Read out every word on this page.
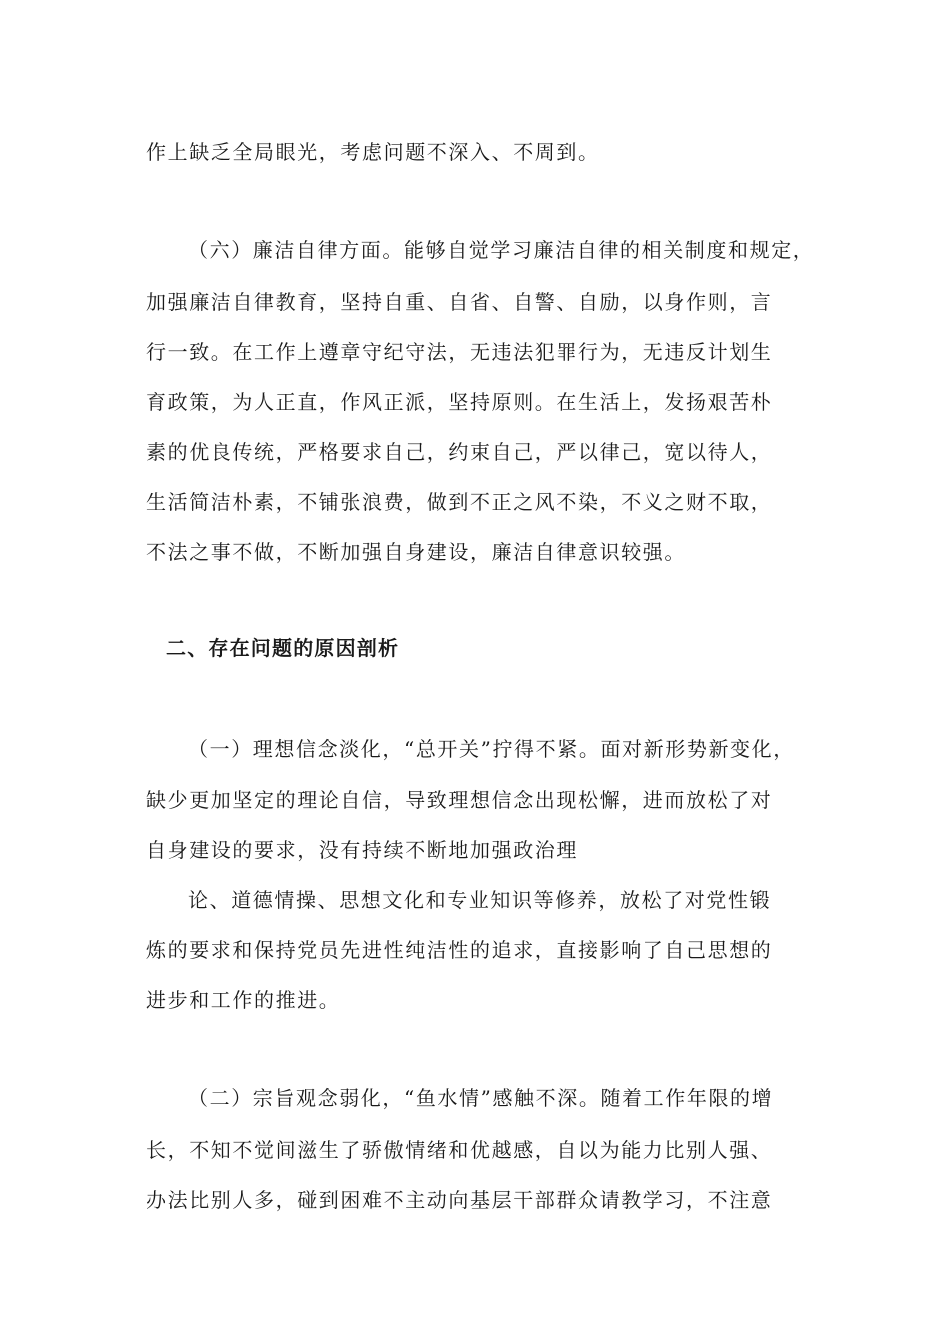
作上缺乏全局眼光，考虑问题不深入、不周到。
（六）廉洁自律方面。能够自觉学习廉洁自律的相关制度和规定，
加强廉洁自律教育，坚持自重、自省、自警、自励，以身作则，言
行一致。在工作上遵章守纪守法，无违法犯罪行为，无违反计划生
育政策，为人正直，作风正派，坚持原则。在生活上，发扬艰苦朴
素的优良传统，严格要求自己，约束自己，严以律己，宽以待人，
生活简洁朴素，不铺张浪费，做到不正之风不染，不义之财不取，
不法之事不做，不断加强自身建设，廉洁自律意识较强。
二、存在问题的原因剖析
（一）理想信念淡化，“总开关”拧得不紧。面对新形势新变化，
缺少更加坚定的理论自信，导致理想信念出现松懈，进而放松了对
自身建设的要求，没有持续不断地加强政治理
论、道德情操、思想文化和专业知识等修养，放松了对党性锻
炼的要求和保持党员先进性纯洁性的追求，直接影响了自己思想的
进步和工作的推进。
（二）宗旨观念弱化，“鱼水情”感触不深。随着工作年限的增
长，不知不觉间滋生了骄傲情绪和优越感，自以为能力比别人强、
办法比别人多，碰到困难不主动向基层干部群众请教学习，不注意
